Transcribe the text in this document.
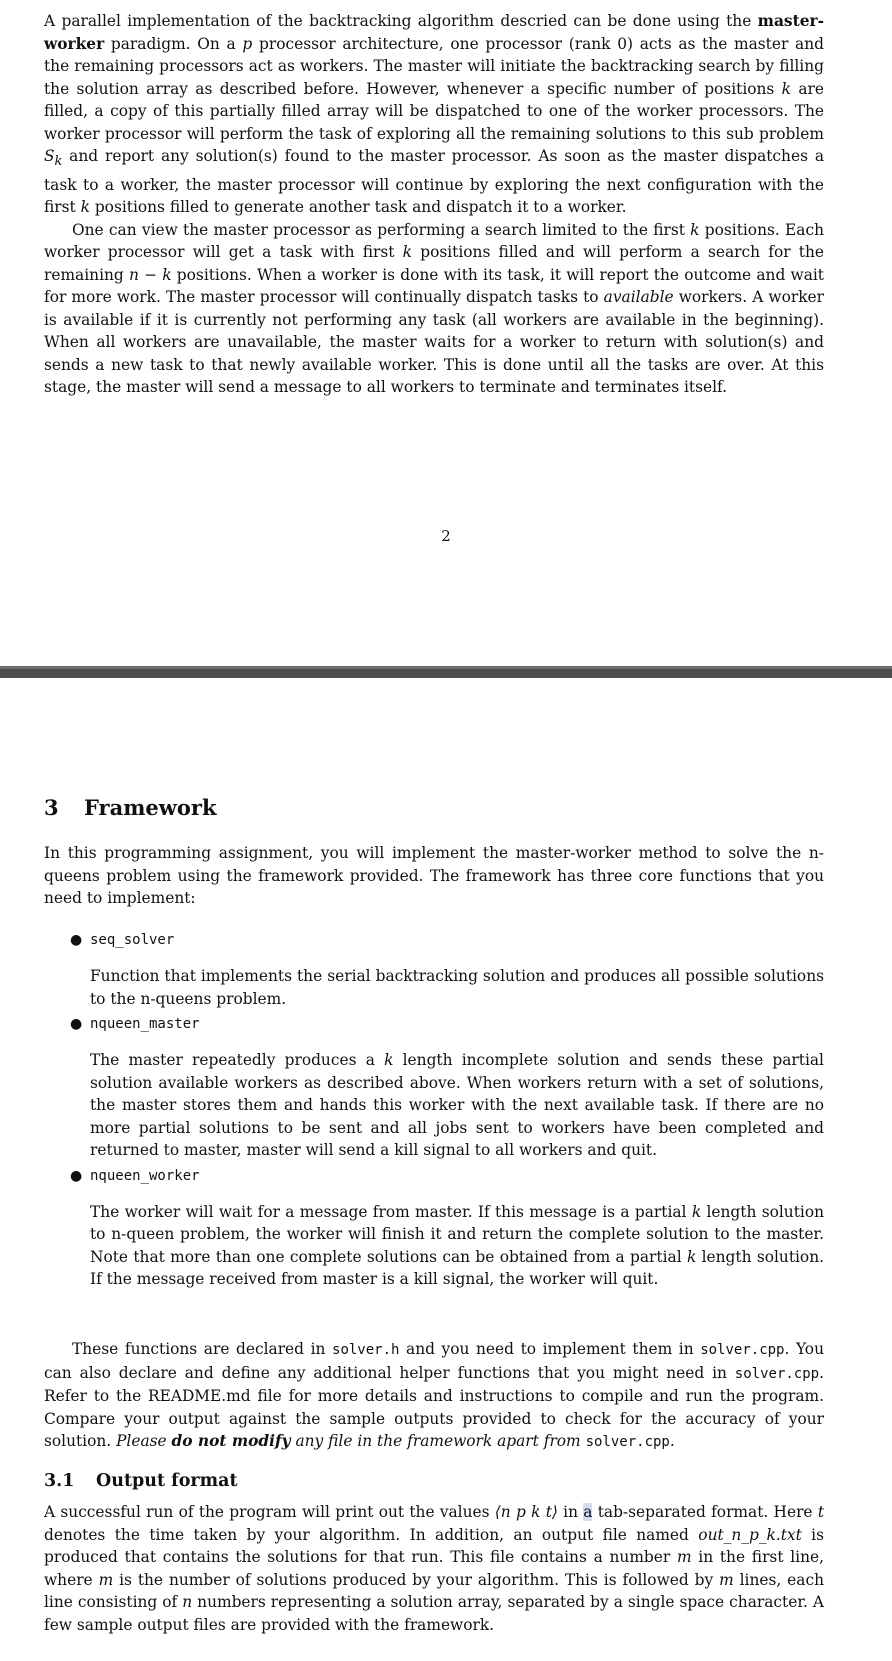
A parallel implementation of the backtracking algorithm descried can be done using the master-worker paradigm. On a p processor architecture, one processor (rank 0) acts as the master and the remaining processors act as workers. The master will initiate the backtracking search by filling the solution array as described before. However, whenever a specific number of positions k are filled, a copy of this partially filled array will be dispatched to one of the worker processors. The worker processor will perform the task of exploring all the remaining solutions to this sub problem $S_k$ and report any solution(s) found to the master processor. As soon as the master dispatches a task to a worker, the master processor will continue by exploring the next configuration with the first k positions filled to generate another task and dispatch it to a worker.

One can view the master processor as performing a search limited to the first k positions. Each worker processor will get a task with first k positions filled and will perform a search for the remaining n − k positions. When a worker is done with its task, it will report the outcome and wait for more work. The master processor will continually dispatch tasks to available workers. A worker is available if it is currently not performing any task (all workers are available in the beginning). When all workers are unavailable, the master waits for a worker to return with solution(s) and sends a new task to that newly available worker. This is done until all the tasks are over. At this stage, the master will send a message to all workers to terminate and terminates itself.

2
3 Framework

In this programming assignment, you will implement the master-worker method to solve the n-queens problem using the framework provided. The framework has three core functions that you need to implement:

● seq_solver

Function that implements the serial backtracking solution and produces all possible solutions to the n-queens problem.

● nqueen_master

The master repeatedly produces a k length incomplete solution and sends these partial solution available workers as described above. When workers return with a set of solutions, the master stores them and hands this worker with the next available task. If there are no more partial solutions to be sent and all jobs sent to workers have been completed and returned to master, master will send a kill signal to all workers and quit.

● nqueen_worker

The worker will wait for a message from master. If this message is a partial k length solution to n-queen problem, the worker will finish it and return the complete solution to the master. Note that more than one complete solutions can be obtained from a partial k length solution. If the message received from master is a kill signal, the worker will quit.

These functions are declared in solver.h and you need to implement them in solver.cpp. You can also declare and define any additional helper functions that you might need in solver.cpp. Refer to the README.md file for more details and instructions to compile and run the program. Compare your output against the sample outputs provided to check for the accuracy of your solution. Please do not modify any file in the framework apart from solver.cpp.

3.1 Output format

A successful run of the program will print out the values ⟨n p k t⟩ in a tab-separated format. Here t denotes the time taken by your algorithm. In addition, an output file named out_n_p_k.txt is produced that contains the solutions for that run. This file contains a number m in the first line, where m is the number of solutions produced by your algorithm. This is followed by m lines, each line consisting of n numbers representing a solution array, separated by a single space character. A few sample output files are provided with the framework.
